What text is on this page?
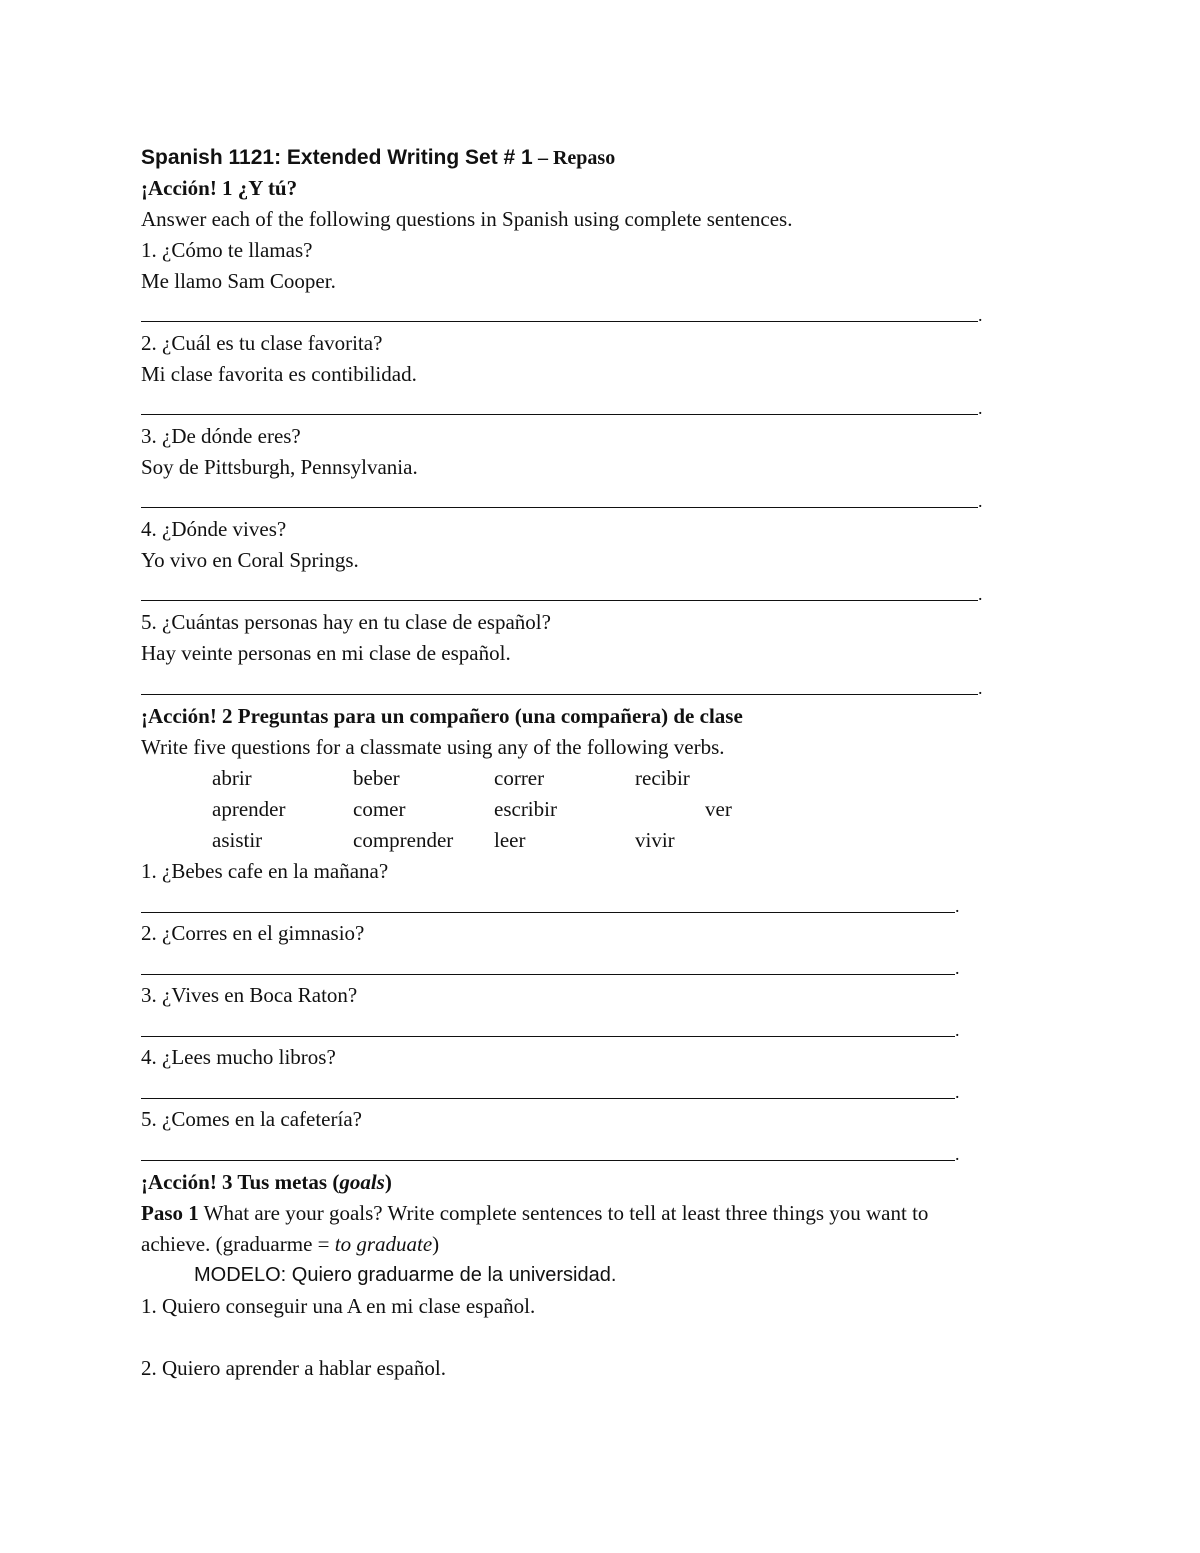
Spanish 1121: Extended Writing Set # 1 – Repaso
¡Acción! 1 ¿Y tú?
Answer each of the following questions in Spanish using complete sentences.
1. ¿Cómo te llamas?
Me llamo Sam Cooper.
.
2. ¿Cuál es tu clase favorita?
Mi clase favorita es contibilidad.
.
3. ¿De dónde eres?
Soy de Pittsburgh, Pennsylvania.
.
4. ¿Dónde vives?
Yo vivo en Coral Springs.
.
5. ¿Cuántas personas hay en tu clase de español?
Hay veinte personas en mi clase de español.
.
¡Acción! 2 Preguntas para un compañero (una compañera) de clase
Write five questions for a classmate using any of the following verbs.
abrir	beber	correr	recibir
aprender	comer	escribir	ver
asistir	comprender leer	vivir
1. ¿Bebes cafe en la mañana?
.
2. ¿Corres en el gimnasio?
.
3. ¿Vives en Boca Raton?
.
4. ¿Lees mucho libros?
.
5. ¿Comes en la cafetería?
.
¡Acción! 3 Tus metas (goals)
Paso 1 What are your goals? Write complete sentences to tell at least three things you want to
achieve. (graduarme = to graduate)
MODELO: Quiero graduarme de la universidad.
1. Quiero conseguir una A en mi clase español.
2. Quiero aprender a hablar español.
